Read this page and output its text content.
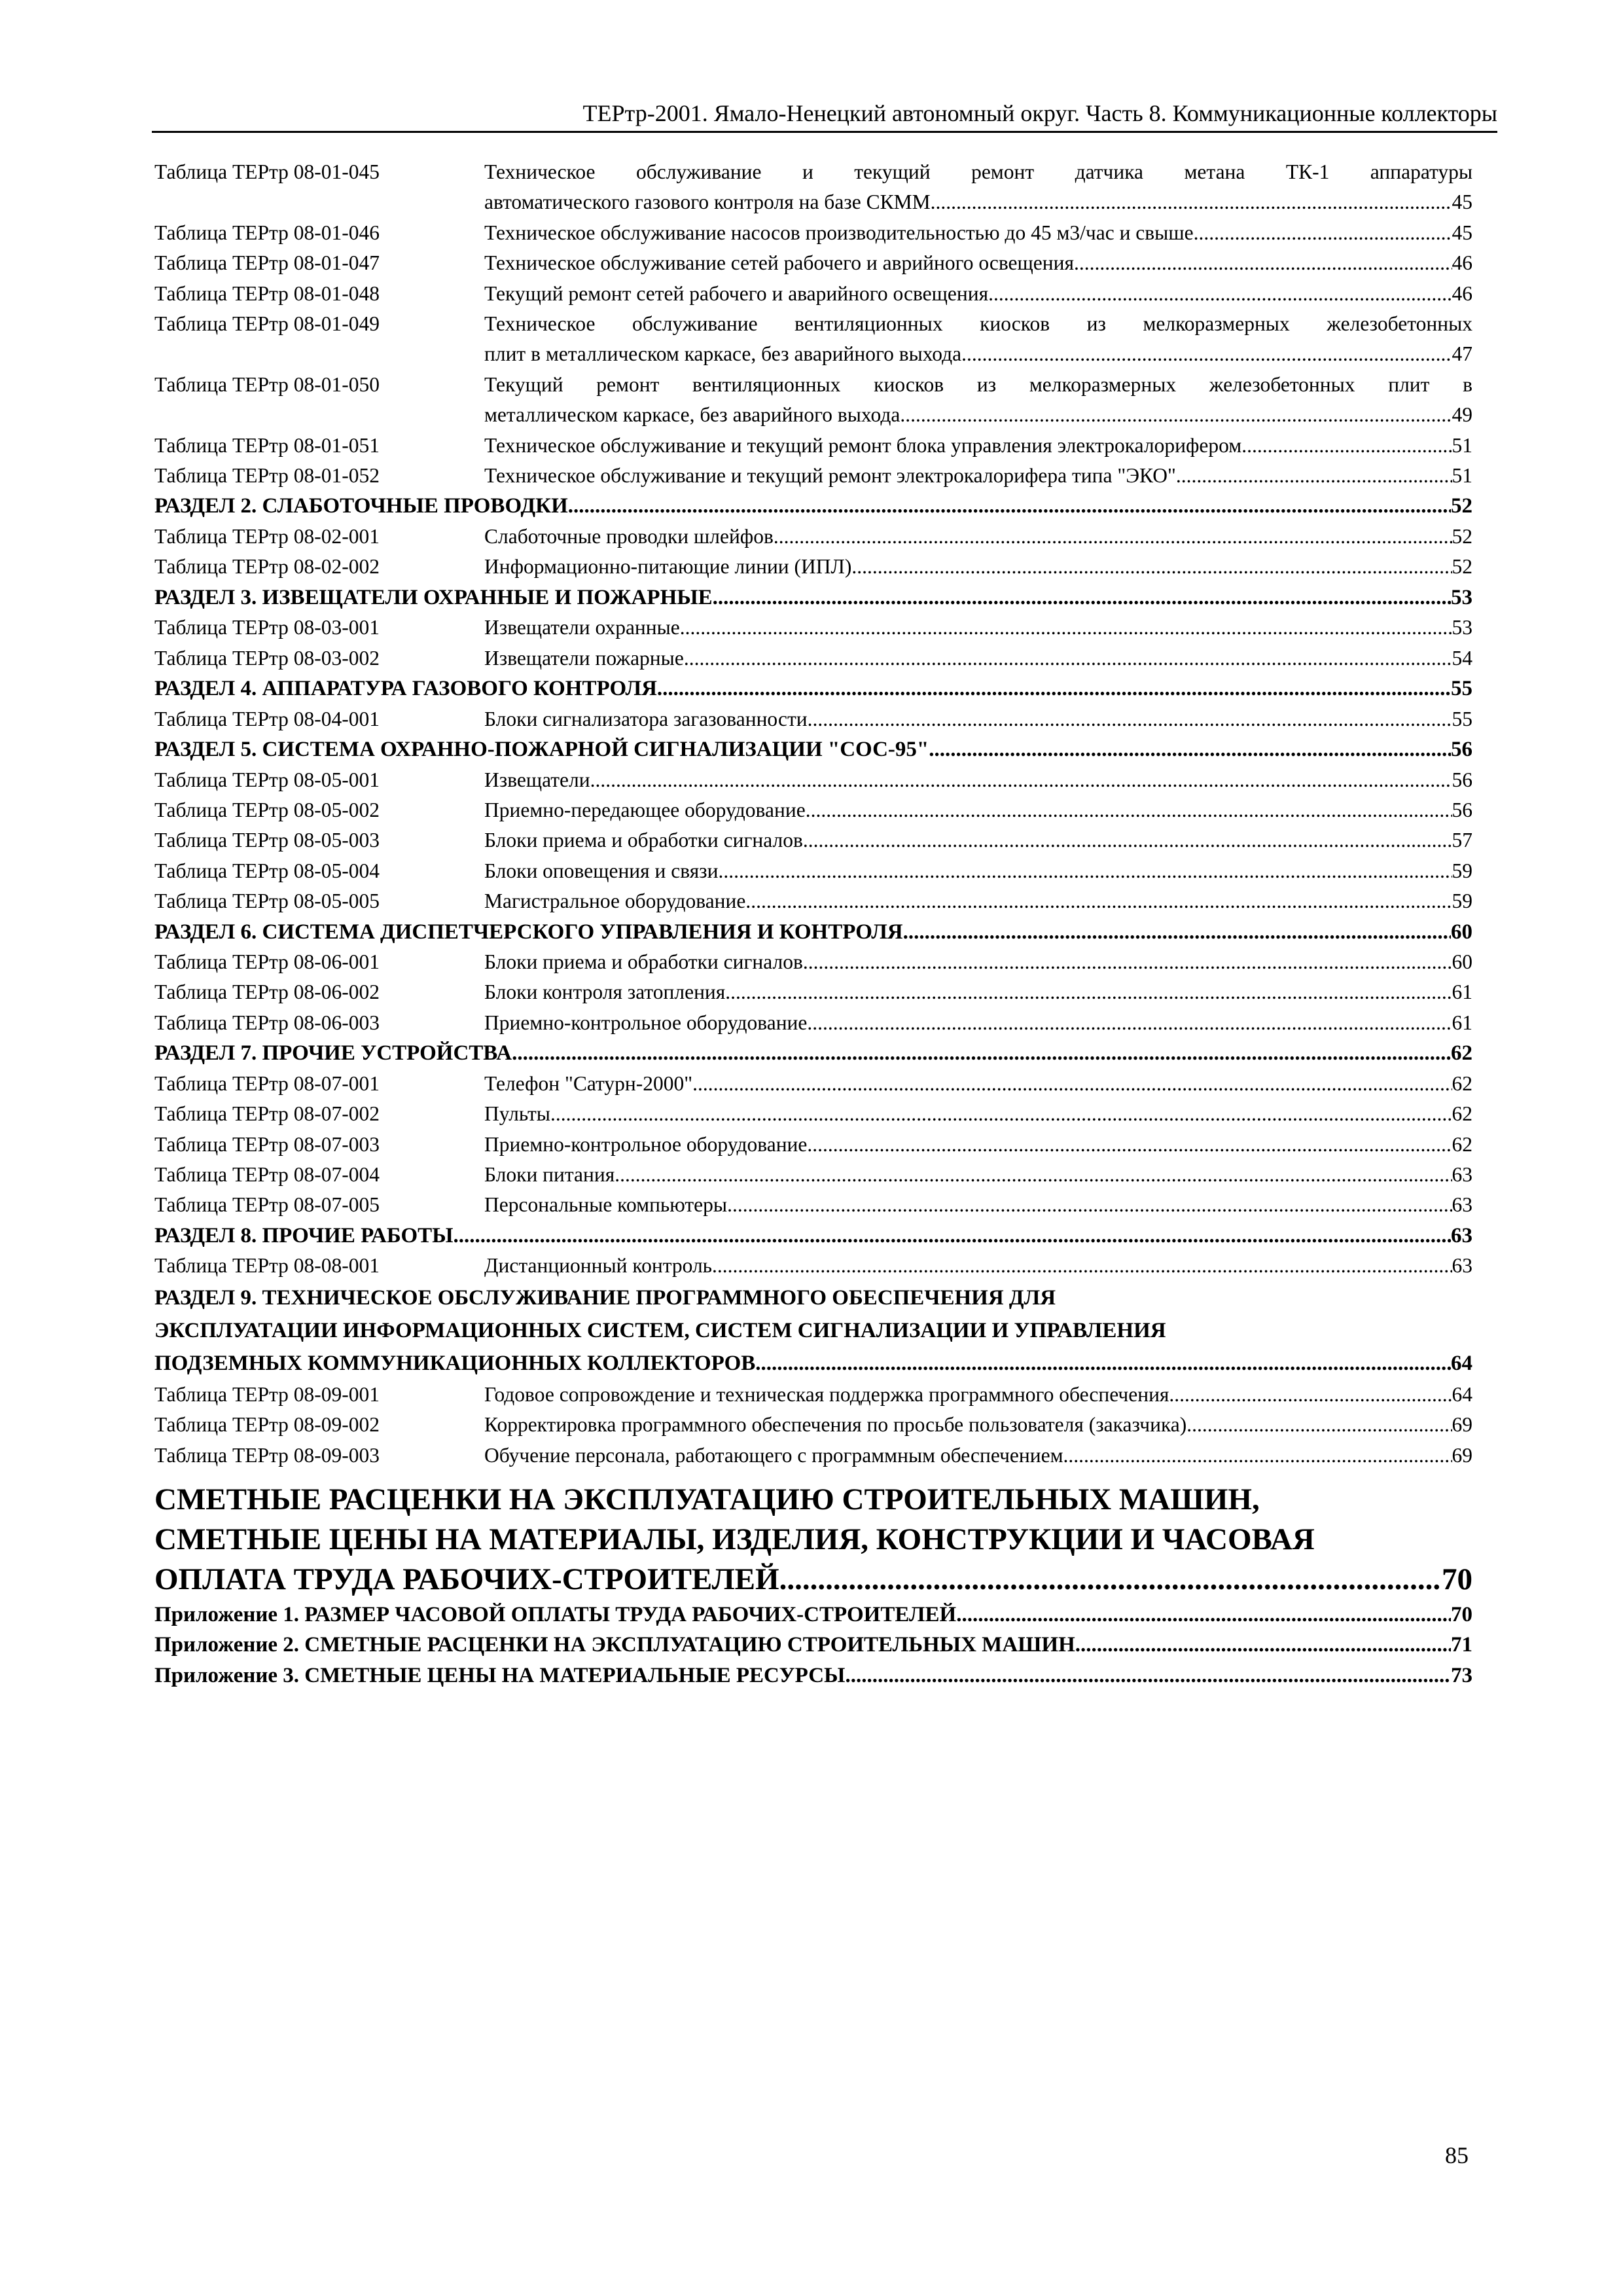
ТЕРтр-2001. Ямало-Ненецкий автономный округ. Часть 8. Коммуникационные коллекторы
Таблица ТЕРтр 08-01-045	Техническое обслуживание и текущий ремонт датчика метана ТК-1 аппаратуры
автоматического газового контроля на базе СКММ .....	45
Таблица ТЕРтр 08-01-046	Техническое обслуживание насосов производительностью до 45 м3/час и свыше .....	45
Таблица ТЕРтр 08-01-047	Техническое обслуживание сетей рабочего и аврийного освещения .....	46
Таблица ТЕРтр 08-01-048	Текущий ремонт сетей рабочего и аварийного освещения .....	46
Таблица ТЕРтр 08-01-049	Техническое обслуживание вентиляционных киосков из мелкоразмерных железобетонных
плит в металлическом каркасе, без аварийного выхода .....	47
Таблица ТЕРтр 08-01-050	Текущий ремонт вентиляционных киосков из мелкоразмерных железобетонных плит в
металлическом каркасе, без аварийного выхода .....	49
Таблица ТЕРтр 08-01-051	Техническое обслуживание и текущий ремонт блока управления электрокалорифером .....	51
Таблица ТЕРтр 08-01-052	Техническое обслуживание и текущий ремонт электрокалорифера типа "ЭКО" .....	51
РАЗДЕЛ 2. СЛАБОТОЧНЫЕ ПРОВОДКИ .....	52
Таблица ТЕРтр 08-02-001	Слаботочные проводки шлейфов .....	52
Таблица ТЕРтр 08-02-002	Информационно-питающие линии (ИПЛ) .....	52
РАЗДЕЛ 3. ИЗВЕЩАТЕЛИ ОХРАННЫЕ И ПОЖАРНЫЕ .....	53
Таблица ТЕРтр 08-03-001	Извещатели охранные .....	53
Таблица ТЕРтр 08-03-002	Извещатели пожарные .....	54
РАЗДЕЛ 4. АППАРАТУРА ГАЗОВОГО КОНТРОЛЯ .....	55
Таблица ТЕРтр 08-04-001	Блоки сигнализатора загазованности .....	55
РАЗДЕЛ 5. СИСТЕМА ОХРАННО-ПОЖАРНОЙ СИГНАЛИЗАЦИИ "СОС-95" .....	56
Таблица ТЕРтр 08-05-001	Извещатели .....	56
Таблица ТЕРтр 08-05-002	Приемно-передающее оборудование .....	56
Таблица ТЕРтр 08-05-003	Блоки приема и обработки сигналов .....	57
Таблица ТЕРтр 08-05-004	Блоки оповещения и связи .....	59
Таблица ТЕРтр 08-05-005	Магистральное оборудование .....	59
РАЗДЕЛ 6. СИСТЕМА ДИСПЕТЧЕРСКОГО УПРАВЛЕНИЯ И КОНТРОЛЯ .....	60
Таблица ТЕРтр 08-06-001	Блоки приема и обработки сигналов .....	60
Таблица ТЕРтр 08-06-002	Блоки контроля затопления .....	61
Таблица ТЕРтр 08-06-003	Приемно-контрольное оборудование .....	61
РАЗДЕЛ 7. ПРОЧИЕ УСТРОЙСТВА .....	62
Таблица ТЕРтр 08-07-001	Телефон "Сатурн-2000" .....	62
Таблица ТЕРтр 08-07-002	Пульты .....	62
Таблица ТЕРтр 08-07-003	Приемно-контрольное оборудование .....	62
Таблица ТЕРтр 08-07-004	Блоки питания .....	63
Таблица ТЕРтр 08-07-005	Персональные компьютеры .....	63
РАЗДЕЛ 8. ПРОЧИЕ РАБОТЫ .....	63
Таблица ТЕРтр 08-08-001	Дистанционный контроль .....	63
РАЗДЕЛ 9. ТЕХНИЧЕСКОЕ ОБСЛУЖИВАНИЕ ПРОГРАММНОГО ОБЕСПЕЧЕНИЯ ДЛЯ
ЭКСПЛУАТАЦИИ ИНФОРМАЦИОННЫХ СИСТЕМ, СИСТЕМ СИГНАЛИЗАЦИИ И УПРАВЛЕНИЯ
ПОДЗЕМНЫХ КОММУНИКАЦИОННЫХ КОЛЛЕКТОРОВ .....	64
Таблица ТЕРтр 08-09-001	Годовое сопровождение и техническая поддержка программного обеспечения .....	64
Таблица ТЕРтр 08-09-002	Корректировка программного обеспечения по просьбе пользователя (заказчика) .....	69
Таблица ТЕРтр 08-09-003	Обучение персонала, работающего с программным обеспечением .....	69
СМЕТНЫЕ РАСЦЕНКИ НА ЭКСПЛУАТАЦИЮ СТРОИТЕЛЬНЫХ МАШИН,
СМЕТНЫЕ ЦЕНЫ НА МАТЕРИАЛЫ, ИЗДЕЛИЯ, КОНСТРУКЦИИ И ЧАСОВАЯ
ОПЛАТА ТРУДА РАБОЧИХ-СТРОИТЕЛЕЙ .....	70
Приложение 1. РАЗМЕР ЧАСОВОЙ ОПЛАТЫ ТРУДА РАБОЧИХ-СТРОИТЕЛЕЙ .....	70
Приложение 2. СМЕТНЫЕ РАСЦЕНКИ НА ЭКСПЛУАТАЦИЮ СТРОИТЕЛЬНЫХ МАШИН .....	71
Приложение 3. СМЕТНЫЕ ЦЕНЫ НА МАТЕРИАЛЬНЫЕ РЕСУРСЫ .....	73
85
